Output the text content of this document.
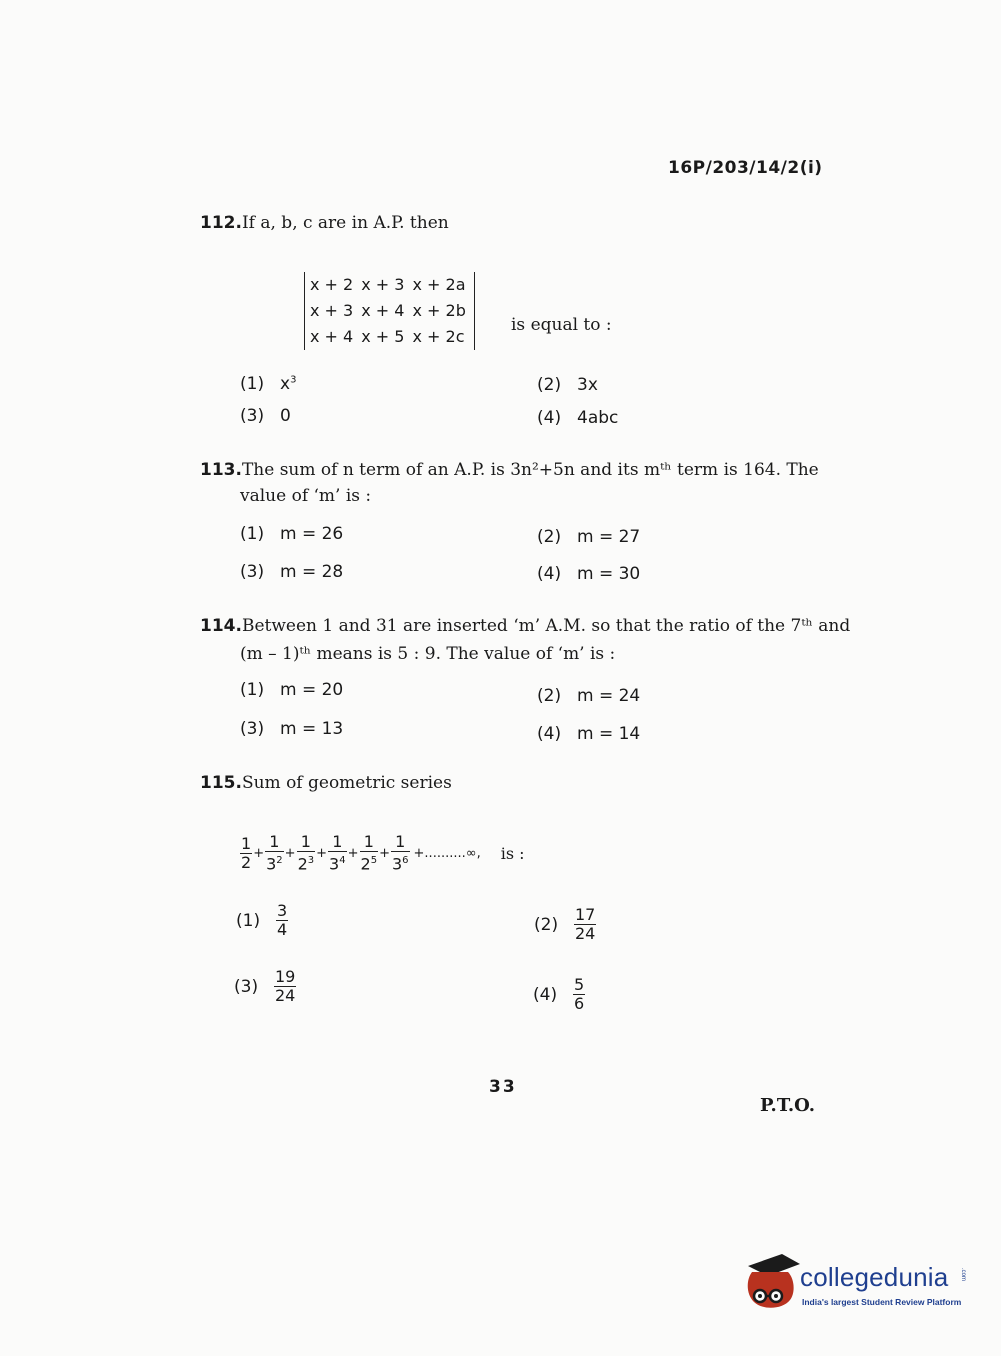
16P/203/14/2(i)
112.If a, b, c are in A.P. then
x + 2	x + 3	x + 2a
x + 3	x + 4	x + 2b
x + 4	x + 5	x + 2c
is equal to :
(1) $x^3$	(2) 3x
(3) 0	(4) 4abc
113.The sum of n term of an A.P. is 3n²+5n and its mᵗʰ term is 164. The
value of ‘m’ is :
(1) m = 26	(2) m = 27
(3) m = 28	(4) m = 30
114.Between 1 and 31 are inserted ‘m’ A.M. so that the ratio of the 7ᵗʰ and
(m – 1)ᵗʰ means is 5 : 9. The value of ‘m’ is :
(1) m = 20	(2) m = 24
(3) m = 13	(4) m = 14
115.Sum of geometric series
$\frac{1}{2} + \frac{1}{3^2} + \frac{1}{2^3} + \frac{1}{3^4} + \frac{1}{2^5} + \frac{1}{3^6}$ +..........∞, is :
$(1) \frac{3}{4}$	$(2) \frac{17}{24}$
$(3) \frac{19}{24}$	$(4) \frac{5}{6}$
33
P.T.O.
collegedunia .com
India's largest Student Review Platform
